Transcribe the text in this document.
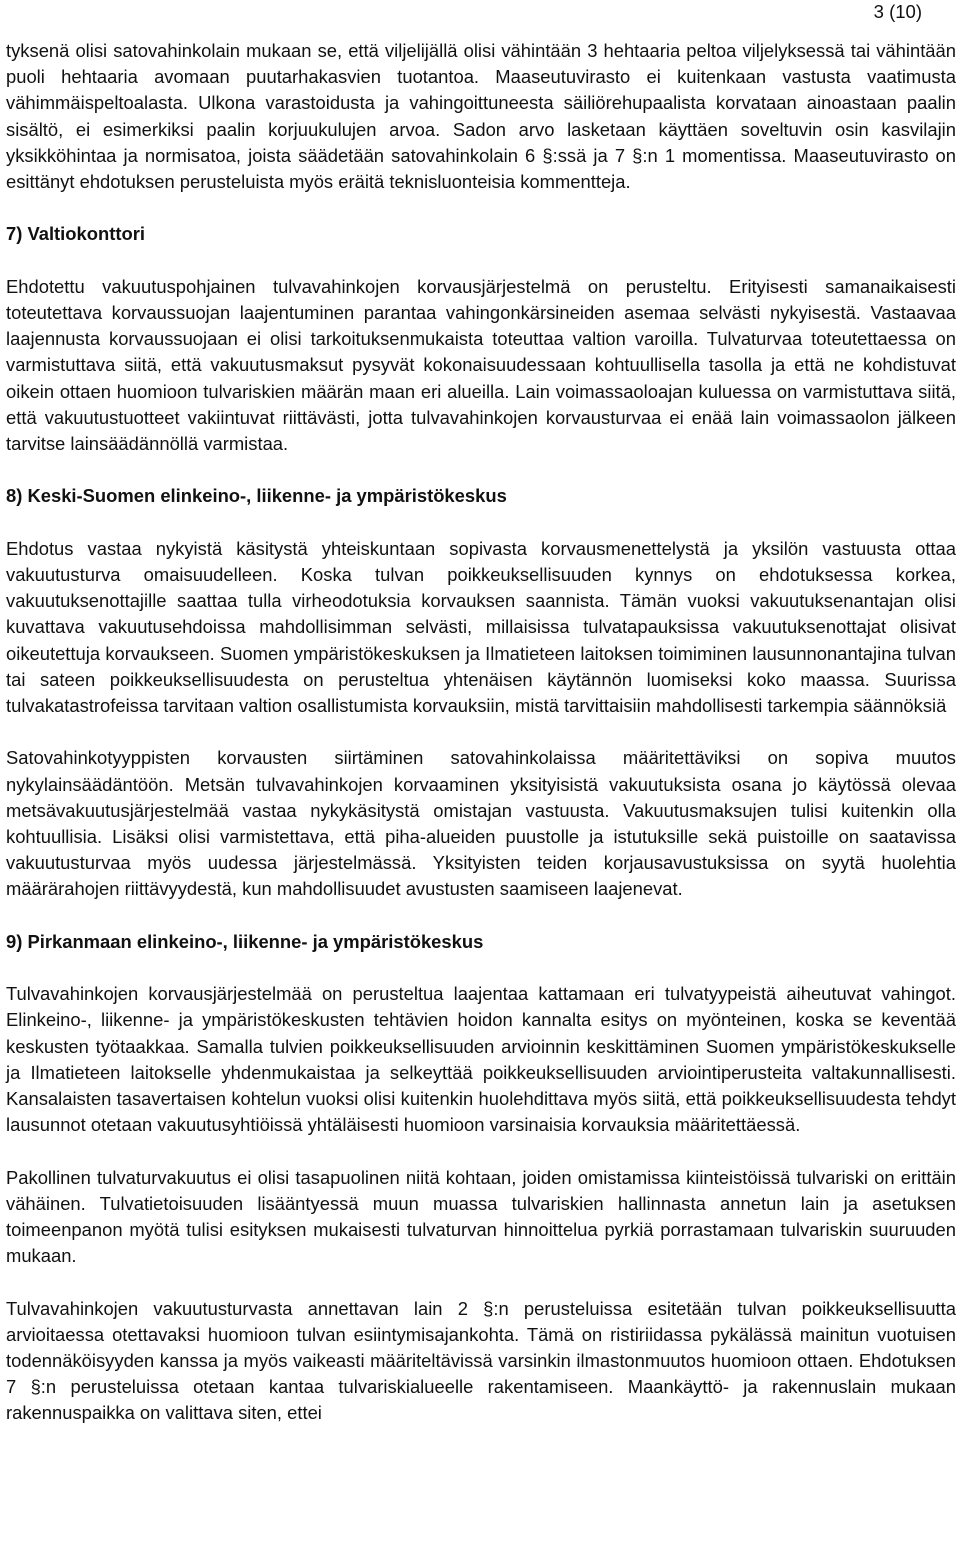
3 (10)

tyksenä olisi satovahinkolain mukaan se, että viljelijällä olisi vähintään 3 hehtaaria peltoa viljelyksessä tai vähintään puoli hehtaaria avomaan puutarhakasvien tuotantoa. Maaseutuvirasto ei kuitenkaan vastusta vaatimusta vähimmäispeltoalasta. Ulkona varastoidusta ja vahingoittuneesta säiliörehupaalista korvataan ainoastaan paalin sisältö, ei esimerkiksi paalin korjuukulujen arvoa. Sadon arvo lasketaan käyttäen soveltuvin osin kasvilajin yksikköhintaa ja normisatoa, joista säädetään satovahinkolain 6 §:ssä ja 7 §:n 1 momentissa. Maaseutuvirasto on esittänyt ehdotuksen perusteluista myös eräitä teknisluonteisia kommentteja.

7) Valtiokonttori

Ehdotettu vakuutuspohjainen tulvavahinkojen korvausjärjestelmä on perusteltu. Erityisesti samanaikaisesti toteutettava korvaussuojan laajentuminen parantaa vahingonkärsineiden asemaa selvästi nykyisestä. Vastaavaa laajennusta korvaussuojaan ei olisi tarkoituksenmukaista toteuttaa valtion varoilla. Tulvaturvaa toteutettaessa on varmistuttava siitä, että vakuutusmaksut pysyvät kokonaisuudessaan kohtuullisella tasolla ja että ne kohdistuvat oikein ottaen huomioon tulvariskien määrän maan eri alueilla. Lain voimassaoloajan kuluessa on varmistuttava siitä, että vakuutustuotteet vakiintuvat riittävästi, jotta tulvavahinkojen korvausturvaa ei enää lain voimassaolon jälkeen tarvitse lainsäädännöllä varmistaa.

8) Keski-Suomen elinkeino-, liikenne- ja ympäristökeskus

Ehdotus vastaa nykyistä käsitystä yhteiskuntaan sopivasta korvausmenettelystä ja yksilön vastuusta ottaa vakuutusturva omaisuudelleen. Koska tulvan poikkeuksellisuuden kynnys on ehdotuksessa korkea, vakuutuksenottajille saattaa tulla virheodotuksia korvauksen saannista. Tämän vuoksi vakuutuksenantajan olisi kuvattava vakuutusehdoissa mahdollisimman selvästi, millaisissa tulvatapauksissa vakuutuksenottajat olisivat oikeutettuja korvaukseen. Suomen ympäristökeskuksen ja Ilmatieteen laitoksen toimiminen lausunnonantajina tulvan tai sateen poikkeuksellisuudesta on perusteltua yhtenäisen käytännön luomiseksi koko maassa. Suurissa tulvakatastrofeissa tarvitaan valtion osallistumista korvauksiin, mistä tarvittaisiin mahdollisesti tarkempia säännöksiä

Satovahinkotyyppisten korvausten siirtäminen satovahinkolaissa määritettäviksi on sopiva muutos nykylainsäädäntöön. Metsän tulvavahinkojen korvaaminen yksityisistä vakuutuksista osana jo käytössä olevaa metsävakuutusjärjestelmää vastaa nykykäsitystä omistajan vastuusta. Vakuutusmaksujen tulisi kuitenkin olla kohtuullisia. Lisäksi olisi varmistettava, että piha-alueiden puustolle ja istutuksille sekä puistoille on saatavissa vakuutusturvaa myös uudessa järjestelmässä. Yksityisten teiden korjausavustuksissa on syytä huolehtia määrärahojen riittävyydestä, kun mahdollisuudet avustusten saamiseen laajenevat.

9) Pirkanmaan elinkeino-, liikenne- ja ympäristökeskus

Tulvavahinkojen korvausjärjestelmää on perusteltua laajentaa kattamaan eri tulvatyypeistä aiheutuvat vahingot. Elinkeino-, liikenne- ja ympäristökeskusten tehtävien hoidon kannalta esitys on myönteinen, koska se keventää keskusten työtaakkaa. Samalla tulvien poikkeuksellisuuden arvioinnin keskittäminen Suomen ympäristökeskukselle ja Ilmatieteen laitokselle yhdenmukaistaa ja selkeyttää poikkeuksellisuuden arviointiperusteita valtakunnallisesti. Kansalaisten tasavertaisen kohtelun vuoksi olisi kuitenkin huolehdittava myös siitä, että poikkeuksellisuudesta tehdyt lausunnot otetaan vakuutusyhtiöissä yhtäläisesti huomioon varsinaisia korvauksia määritettäessä.

Pakollinen tulvaturvakuutus ei olisi tasapuolinen niitä kohtaan, joiden omistamissa kiinteistöissä tulvariski on erittäin vähäinen. Tulvatietoisuuden lisääntyessä muun muassa tulvariskien hallinnasta annetun lain ja asetuksen toimeenpanon myötä tulisi esityksen mukaisesti tulvaturvan hinnoittelua pyrkiä porrastamaan tulvariskin suuruuden mukaan.

Tulvavahinkojen vakuutusturvasta annettavan lain 2 §:n perusteluissa esitetään tulvan poikkeuksellisuutta arvioitaessa otettavaksi huomioon tulvan esiintymisajankohta. Tämä on ristiriidassa pykälässä mainitun vuotuisen todennäköisyyden kanssa ja myös vaikeasti määriteltävissä varsinkin ilmastonmuutos huomioon ottaen. Ehdotuksen 7 §:n perusteluissa otetaan kantaa tulvariskialueelle rakentamiseen. Maankäyttö- ja rakennuslain mukaan rakennuspaikka on valittava siten, ettei
